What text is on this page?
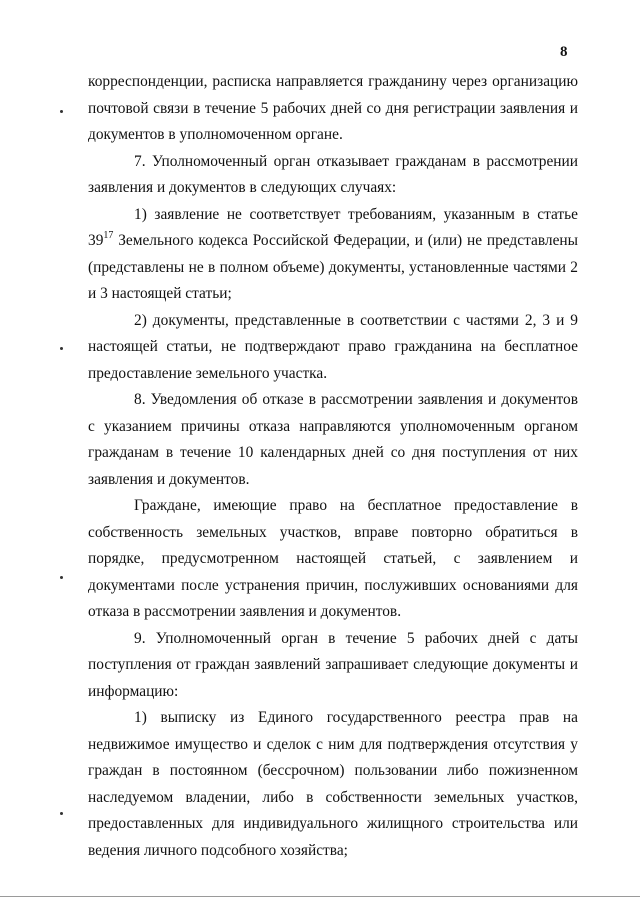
8

корреспонденции, расписка направляется гражданину через организацию почтовой связи в течение 5 рабочих дней со дня регистрации заявления и документов в уполномоченном органе.

7. Уполномоченный орган отказывает гражданам в рассмотрении заявления и документов в следующих случаях:

1) заявление не соответствует требованиям, указанным в статье $39^{17}$ Земельного кодекса Российской Федерации, и (или) не представлены (представлены не в полном объеме) документы, установленные частями 2 и 3 настоящей статьи;

2) документы, представленные в соответствии с частями 2, 3 и 9 настоящей статьи, не подтверждают право гражданина на бесплатное предоставление земельного участка.

8. Уведомления об отказе в рассмотрении заявления и документов с указанием причины отказа направляются уполномоченным органом гражданам в течение 10 календарных дней со дня поступления от них заявления и документов.

Граждане, имеющие право на бесплатное предоставление в собственность земельных участков, вправе повторно обратиться в порядке, предусмотренном настоящей статьей, с заявлением и документами после устранения причин, послуживших основаниями для отказа в рассмотрении заявления и документов.

9. Уполномоченный орган в течение 5 рабочих дней с даты поступления от граждан заявлений запрашивает следующие документы и информацию:

1) выписку из Единого государственного реестра прав на недвижимое имущество и сделок с ним для подтверждения отсутствия у граждан в постоянном (бессрочном) пользовании либо пожизненном наследуемом владении, либо в собственности земельных участков, предоставленных для индивидуального жилищного строительства или ведения личного подсобного хозяйства;
